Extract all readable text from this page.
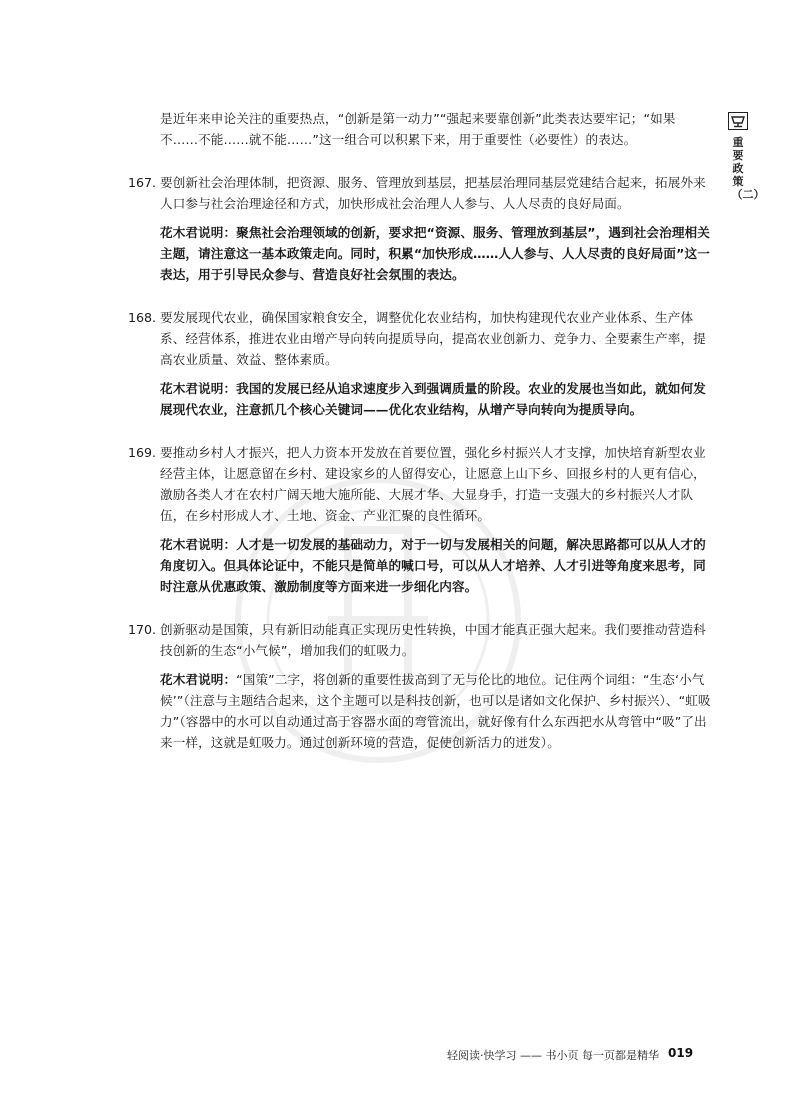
重要政策（二）

是近年来申论关注的重要热点，“创新是第一动力”“强起来要靠创新”此类表达要牢记；“如果不……不能……就不能……”这一组合可以积累下来，用于重要性（必要性）的表达。

167. 要创新社会治理体制，把资源、服务、管理放到基层，把基层治理同基层党建结合起来，拓展外来人口参与社会治理途径和方式，加快形成社会治理人人参与、人人尽责的良好局面。

花木君说明：聚焦社会治理领域的创新，要求把“资源、服务、管理放到基层”，遇到社会治理相关主题，请注意这一基本政策走向。同时，积累“加快形成……人人参与、人人尽责的良好局面”这一表达，用于引导民众参与、营造良好社会氛围的表达。

168. 要发展现代农业，确保国家粮食安全，调整优化农业结构，加快构建现代农业产业体系、生产体系、经营体系，推进农业由增产导向转向提质导向，提高农业创新力、竞争力、全要素生产率，提高农业质量、效益、整体素质。

花木君说明：我国的发展已经从追求速度步入到强调质量的阶段。农业的发展也当如此，就如何发展现代农业，注意抓几个核心关键词——优化农业结构，从增产导向转向为提质导向。

169. 要推动乡村人才振兴，把人力资本开发放在首要位置，强化乡村振兴人才支撑，加快培育新型农业经营主体，让愿意留在乡村、建设家乡的人留得安心，让愿意上山下乡、回报乡村的人更有信心，激励各类人才在农村广阔天地大施所能、大展才华、大显身手，打造一支强大的乡村振兴人才队伍，在乡村形成人才、土地、资金、产业汇聚的良性循环。

花木君说明：人才是一切发展的基础动力，对于一切与发展相关的问题，解决思路都可以从人才的角度切入。但具体论证中，不能只是简单的喊口号，可以从人才培养、人才引进等角度来思考，同时注意从优惠政策、激励制度等方面来进一步细化内容。

170. 创新驱动是国策，只有新旧动能真正实现历史性转换，中国才能真正强大起来。我们要推动营造科技创新的生态“小气候”，增加我们的虹吸力。

花木君说明：“国策”二字，将创新的重要性拔高到了无与伦比的地位。记住两个词组：“生态‘小气候’”（注意与主题结合起来，这个主题可以是科技创新，也可以是诸如文化保护、乡村振兴）、“虹吸力”（容器中的水可以自动通过高于容器水面的弯管流出，就好像有什么东西把水从弯管中“吸”了出来一样，这就是虹吸力。通过创新环境的营造，促使创新活力的迸发）。

轻阅读·快学习 —— 书小页 每一页都是精华 019
